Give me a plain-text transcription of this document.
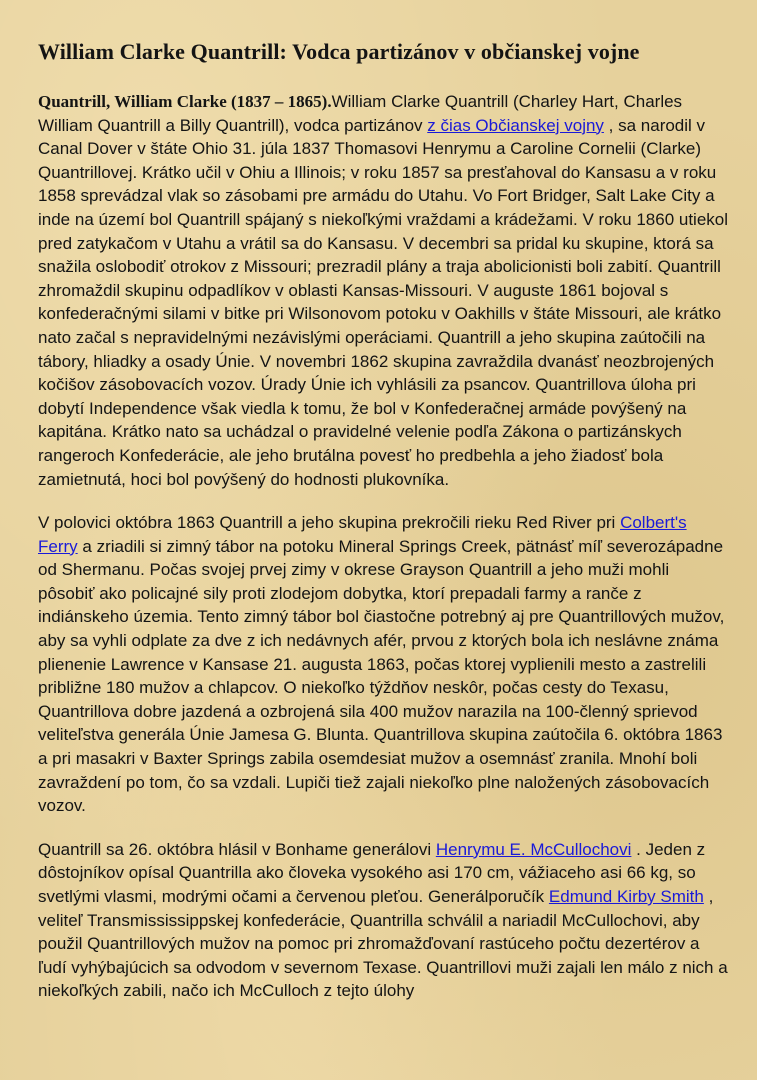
William Clarke Quantrill: Vodca partizánov v občianskej vojne

Quantrill, William Clarke (1837 – 1865).William Clarke Quantrill (Charley Hart, Charles William Quantrill a Billy Quantrill), vodca partizánov z čias Občianskej vojny , sa narodil v Canal Dover v štáte Ohio 31. júla 1837 Thomasovi Henrymu a Caroline Cornelii (Clarke) Quantrillovej. Krátko učil v Ohiu a Illinois; v roku 1857 sa presťahoval do Kansasu a v roku 1858 sprevádzal vlak so zásobami pre armádu do Utahu. Vo Fort Bridger, Salt Lake City a inde na území bol Quantrill spájaný s niekoľkými vraždami a krádežami. V roku 1860 utiekol pred zatykačom v Utahu a vrátil sa do Kansasu. V decembri sa pridal ku skupine, ktorá sa snažila oslobodiť otrokov z Missouri; prezradil plány a traja abolicionisti boli zabití. Quantrill zhromaždil skupinu odpadlíkov v oblasti Kansas-Missouri. V auguste 1861 bojoval s konfederačnými silami v bitke pri Wilsonovom potoku v Oakhills v štáte Missouri, ale krátko nato začal s nepravidelnými nezávislými operáciami. Quantrill a jeho skupina zaútočili na tábory, hliadky a osady Únie. V novembri 1862 skupina zavraždila dvanásť neozbrojených kočišov zásobovacích vozov. Úrady Únie ich vyhlásili za psancov. Quantrillova úloha pri dobytí Independence však viedla k tomu, že bol v Konfederačnej armáde povýšený na kapitána. Krátko nato sa uchádzal o pravidelné velenie podľa Zákona o partizánskych rangeroch Konfederácie, ale jeho brutálna povesť ho predbehla a jeho žiadosť bola zamietnutá, hoci bol povýšený do hodnosti plukovníka.

V polovici októbra 1863 Quantrill a jeho skupina prekročili rieku Red River pri Colbert's Ferry a zriadili si zimný tábor na potoku Mineral Springs Creek, pätnásť míľ severozápadne od Shermanu. Počas svojej prvej zimy v okrese Grayson Quantrill a jeho muži mohli pôsobiť ako policajné sily proti zlodejom dobytka, ktorí prepadali farmy a ranče z indiánskeho územia. Tento zimný tábor bol čiastočne potrebný aj pre Quantrillových mužov, aby sa vyhli odplate za dve z ich nedávnych afér, prvou z ktorých bola ich neslávne známa plienenie Lawrence v Kansase 21. augusta 1863, počas ktorej vyplienili mesto a zastrelili približne 180 mužov a chlapcov. O niekoľko týždňov neskôr, počas cesty do Texasu, Quantrillova dobre jazdená a ozbrojená sila 400 mužov narazila na 100-členný sprievod veliteľstva generála Únie Jamesa G. Blunta. Quantrillova skupina zaútočila 6. októbra 1863 a pri masakri v Baxter Springs zabila osemdesiat mužov a osemnásť zranila. Mnohí boli zavraždení po tom, čo sa vzdali. Lupiči tiež zajali niekoľko plne naložených zásobovacích vozov.

Quantrill sa 26. októbra hlásil v Bonhame generálovi Henrymu E. McCullochovi . Jeden z dôstojníkov opísal Quantrilla ako človeka vysokého asi 170 cm, vážiaceho asi 66 kg, so svetlými vlasmi, modrými očami a červenou pleťou. Generálporučík Edmund Kirby Smith , veliteľ Transmississippskej konfederácie, Quantrilla schválil a nariadil McCullochovi, aby použil Quantrillových mužov na pomoc pri zhromažďovaní rastúceho počtu dezertérov a ľudí vyhýbajúcich sa odvodom v severnom Texase. Quantrillovi muži zajali len málo z nich a niekoľkých zabili, načo ich McCulloch z tejto úlohy
